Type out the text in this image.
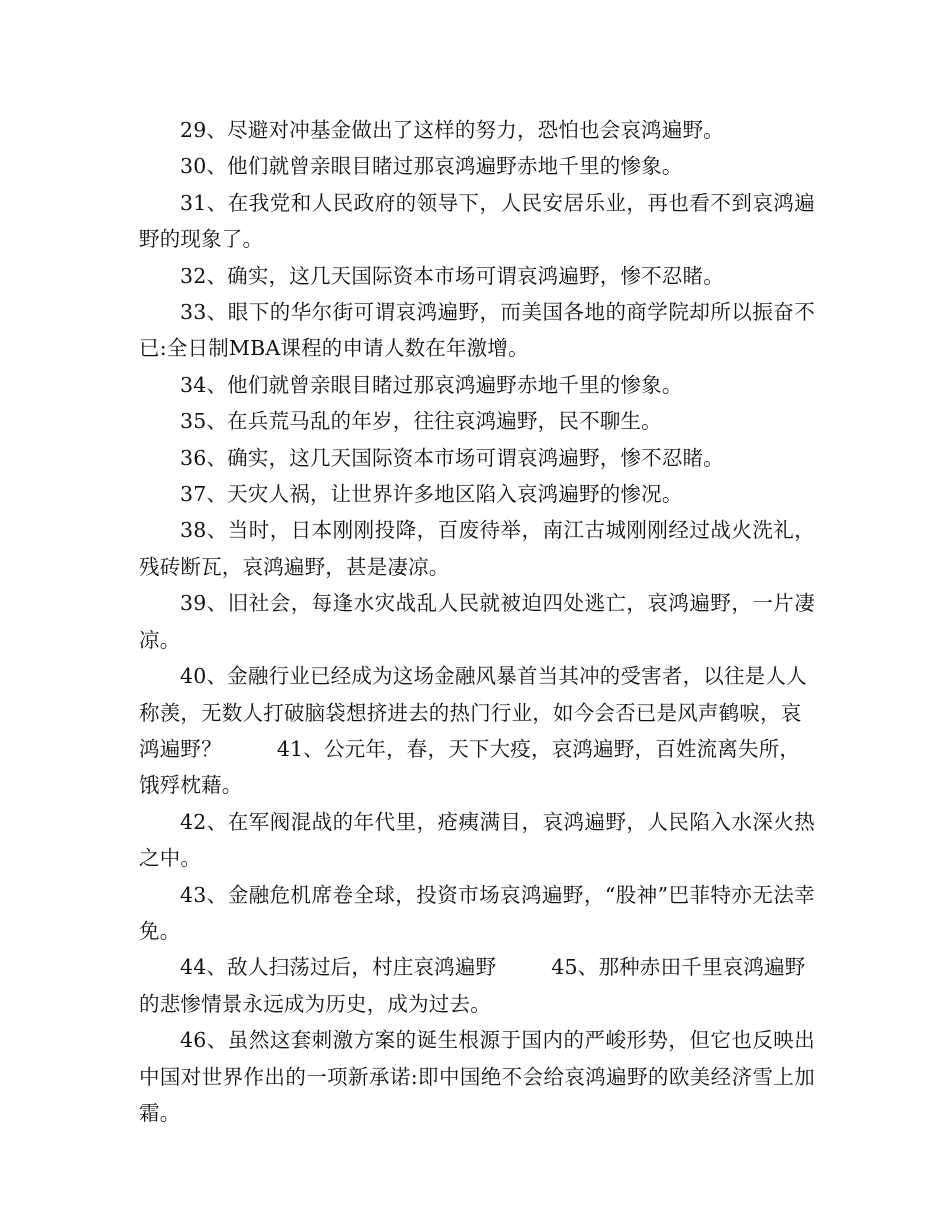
29、尽避对冲基金做出了这样的努力，恐怕也会哀鸿遍野。

30、他们就曾亲眼目睹过那哀鸿遍野赤地千里的惨象。

31、在我党和人民政府的领导下，人民安居乐业，再也看不到哀鸿遍野的现象了。

32、确实，这几天国际资本市场可谓哀鸿遍野，惨不忍睹。

33、眼下的华尔街可谓哀鸿遍野，而美国各地的商学院却所以振奋不已:全日制MBA课程的申请人数在年激增。

34、他们就曾亲眼目睹过那哀鸿遍野赤地千里的惨象。

35、在兵荒马乱的年岁，往往哀鸿遍野，民不聊生。

36、确实，这几天国际资本市场可谓哀鸿遍野，惨不忍睹。

37、天灾人祸，让世界许多地区陷入哀鸿遍野的惨况。

38、当时，日本刚刚投降，百废待举，南江古城刚刚经过战火洗礼，残砖断瓦，哀鸿遍野，甚是凄凉。

39、旧社会，每逢水灾战乱人民就被迫四处逃亡，哀鸿遍野，一片凄凉。

40、金融行业已经成为这场金融风暴首当其冲的受害者，以往是人人称羡，无数人打破脑袋想挤进去的热门行业，如今会否已是风声鹤唳，哀鸿遍野？	41、公元年，春，天下大疫，哀鸿遍野，百姓流离失所，饿殍枕藉。

42、在军阀混战的年代里，疮痍满目，哀鸿遍野，人民陷入水深火热之中。

43、金融危机席卷全球，投资市场哀鸿遍野，“股神”巴菲特亦无法幸免。

44、敌人扫荡过后，村庄哀鸿遍野	45、那种赤田千里哀鸿遍野的悲惨情景永远成为历史，成为过去。

46、虽然这套刺激方案的诞生根源于国内的严峻形势，但它也反映出中国对世界作出的一项新承诺:即中国绝不会给哀鸿遍野的欧美经济雪上加霜。
